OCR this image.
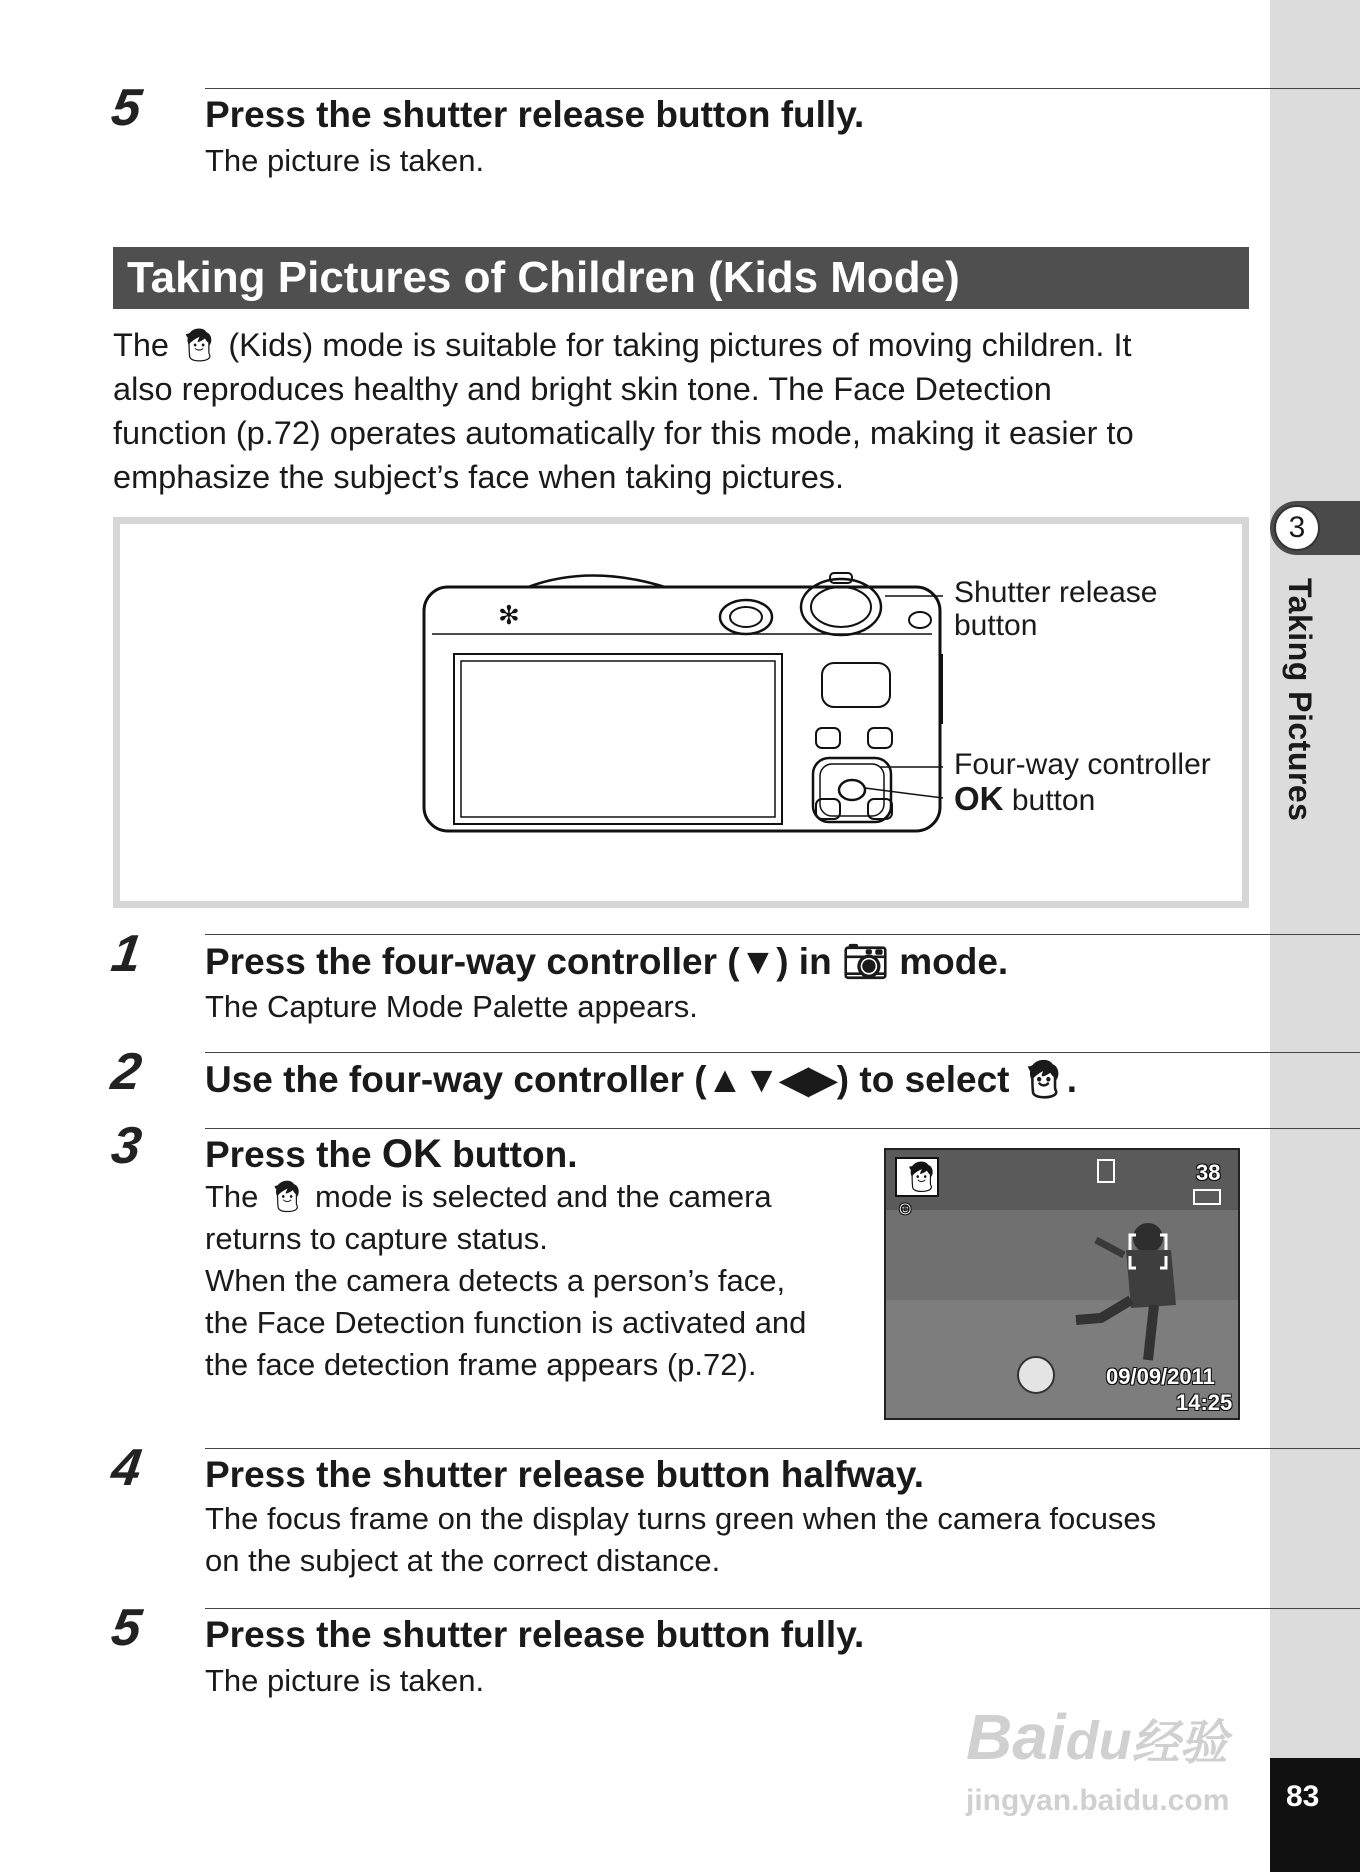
3
Taking Pictures
83
5 Press the shutter release button fully.
The picture is taken.
Taking Pictures of Children (Kids Mode)
The 🧒︎ (Kids) mode is suitable for taking pictures of moving children. It
also reproduces healthy and bright skin tone. The Face Detection
function (p.72) operates automatically for this mode, making it easier to
emphasize the subject’s face when taking pictures.
✻
Shutter release
button
Four-way controller
OK button
1 Press the four-way controller (▼) in 📷︎ mode.
The Capture Mode Palette appears.
2 Use the four-way controller (▲▼◀▶) to select 🧒︎.
3 Press the OK button.
The 🧒︎ mode is selected and the camera
returns to capture status.
When the camera detects a person’s face,
the Face Detection function is activated and
the face detection frame appears (p.72).
🧒︎
☺
38
09/09/2011
14:25
4 Press the shutter release button halfway.
The focus frame on the display turns green when the camera focuses
on the subject at the correct distance.
5 Press the shutter release button fully.
The picture is taken.
Baidu经验
jingyan.baidu.com
